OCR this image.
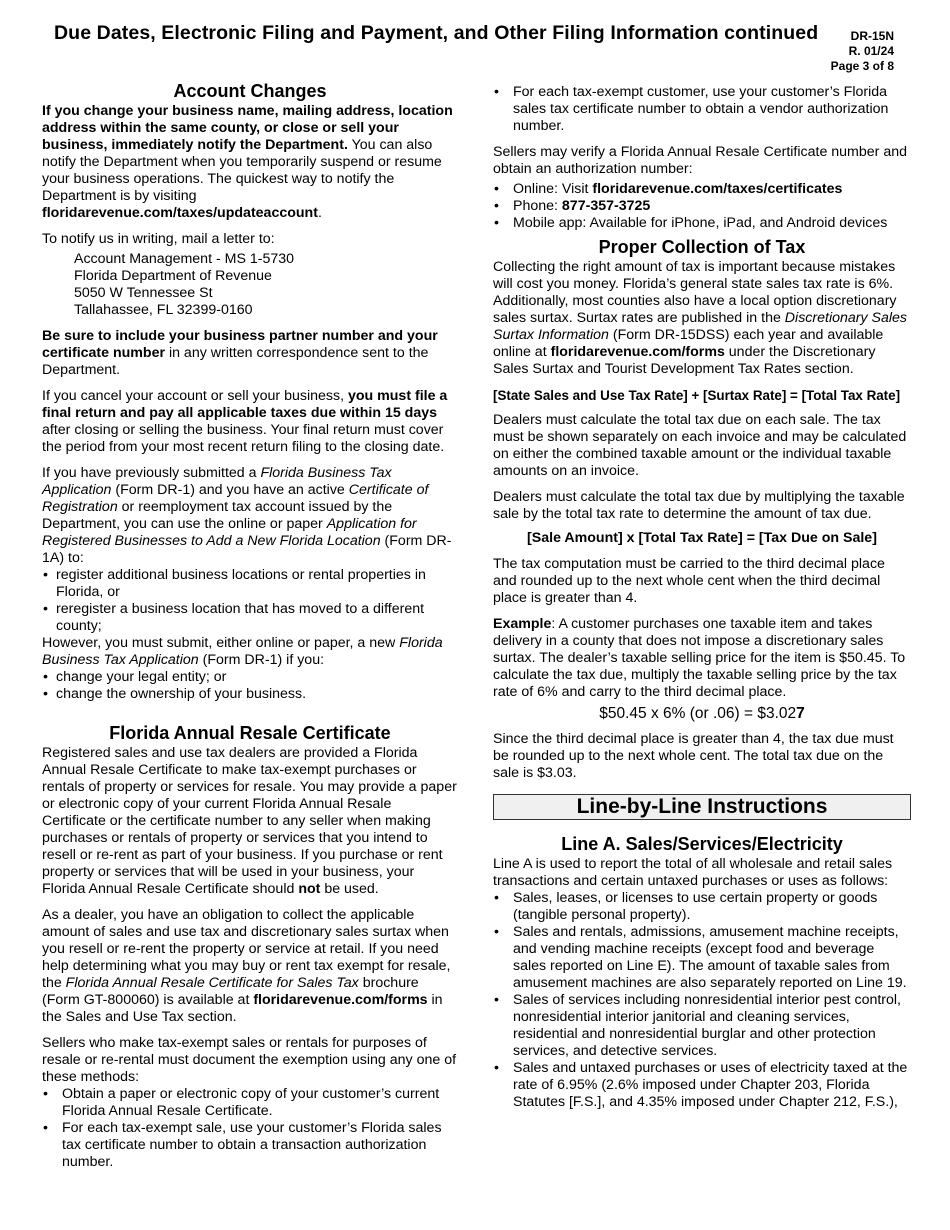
Due Dates, Electronic Filing and Payment, and Other Filing Information continued	DR-15N
R. 01/24
Page 3 of 8
Account Changes

If you change your business name, mailing address, location address within the same county, or close or sell your business, immediately notify the Department. You can also notify the Department when you temporarily suspend or resume your business operations. The quickest way to notify the Department is by visiting floridarevenue.com/taxes/updateaccount.

To notify us in writing, mail a letter to:

Account Management - MS 1-5730
Florida Department of Revenue
5050 W Tennessee St
Tallahassee, FL 32399-0160

Be sure to include your business partner number and your certificate number in any written correspondence sent to the Department.

If you cancel your account or sell your business, you must file a final return and pay all applicable taxes due within 15 days after closing or selling the business. Your final return must cover the period from your most recent return filing to the closing date.

If you have previously submitted a Florida Business Tax Application (Form DR-1) and you have an active Certificate of Registration or reemployment tax account issued by the Department, you can use the online or paper Application for Registered Businesses to Add a New Florida Location (Form DR-1A) to:

• register additional business locations or rental properties in Florida, or
• reregister a business location that has moved to a different county;

However, you must submit, either online or paper, a new Florida Business Tax Application (Form DR-1) if you:

• change your legal entity; or
• change the ownership of your business.
Florida Annual Resale Certificate

Registered sales and use tax dealers are provided a Florida Annual Resale Certificate to make tax-exempt purchases or rentals of property or services for resale. You may provide a paper or electronic copy of your current Florida Annual Resale Certificate or the certificate number to any seller when making purchases or rentals of property or services that you intend to resell or re-rent as part of your business. If you purchase or rent property or services that will be used in your business, your Florida Annual Resale Certificate should not be used.

As a dealer, you have an obligation to collect the applicable amount of sales and use tax and discretionary sales surtax when you resell or re-rent the property or service at retail. If you need help determining what you may buy or rent tax exempt for resale, the Florida Annual Resale Certificate for Sales Tax brochure (Form GT-800060) is available at floridarevenue.com/forms in the Sales and Use Tax section.

Sellers who make tax-exempt sales or rentals for purposes of resale or re-rental must document the exemption using any one of these methods:

• Obtain a paper or electronic copy of your customer’s current Florida Annual Resale Certificate.
• For each tax-exempt sale, use your customer’s Florida sales tax certificate number to obtain a transaction authorization number.
• For each tax-exempt customer, use your customer’s Florida sales tax certificate number to obtain a vendor authorization number.

Sellers may verify a Florida Annual Resale Certificate number and obtain an authorization number:

• Online: Visit floridarevenue.com/taxes/certificates
• Phone: 877-357-3725
• Mobile app: Available for iPhone, iPad, and Android devices
Proper Collection of Tax

Collecting the right amount of tax is important because mistakes will cost you money. Florida’s general state sales tax rate is 6%. Additionally, most counties also have a local option discretionary sales surtax. Surtax rates are published in the Discretionary Sales Surtax Information (Form DR-15DSS) each year and available online at floridarevenue.com/forms under the Discretionary Sales Surtax and Tourist Development Tax Rates section.

[State Sales and Use Tax Rate] + [Surtax Rate] = [Total Tax Rate]

Dealers must calculate the total tax due on each sale. The tax must be shown separately on each invoice and may be calculated on either the combined taxable amount or the individual taxable amounts on an invoice.

Dealers must calculate the total tax due by multiplying the taxable sale by the total tax rate to determine the amount of tax due.

[Sale Amount] x [Total Tax Rate] = [Tax Due on Sale]

The tax computation must be carried to the third decimal place and rounded up to the next whole cent when the third decimal place is greater than 4.

Example: A customer purchases one taxable item and takes delivery in a county that does not impose a discretionary sales surtax. The dealer’s taxable selling price for the item is $50.45. To calculate the tax due, multiply the taxable selling price by the tax rate of 6% and carry to the third decimal place.

$50.45 x 6% (or .06) = $3.027

Since the third decimal place is greater than 4, the tax due must be rounded up to the next whole cent. The total tax due on the sale is $3.03.

Line-by-Line Instructions
Line A. Sales/Services/Electricity

Line A is used to report the total of all wholesale and retail sales transactions and certain untaxed purchases or uses as follows:

• Sales, leases, or licenses to use certain property or goods (tangible personal property).
• Sales and rentals, admissions, amusement machine receipts, and vending machine receipts (except food and beverage sales reported on Line E). The amount of taxable sales from amusement machines are also separately reported on Line 19.
• Sales of services including nonresidential interior pest control, nonresidential interior janitorial and cleaning services, residential and nonresidential burglar and other protection services, and detective services.
• Sales and untaxed purchases or uses of electricity taxed at the rate of 6.95% (2.6% imposed under Chapter 203, Florida Statutes [F.S.], and 4.35% imposed under Chapter 212, F.S.),
